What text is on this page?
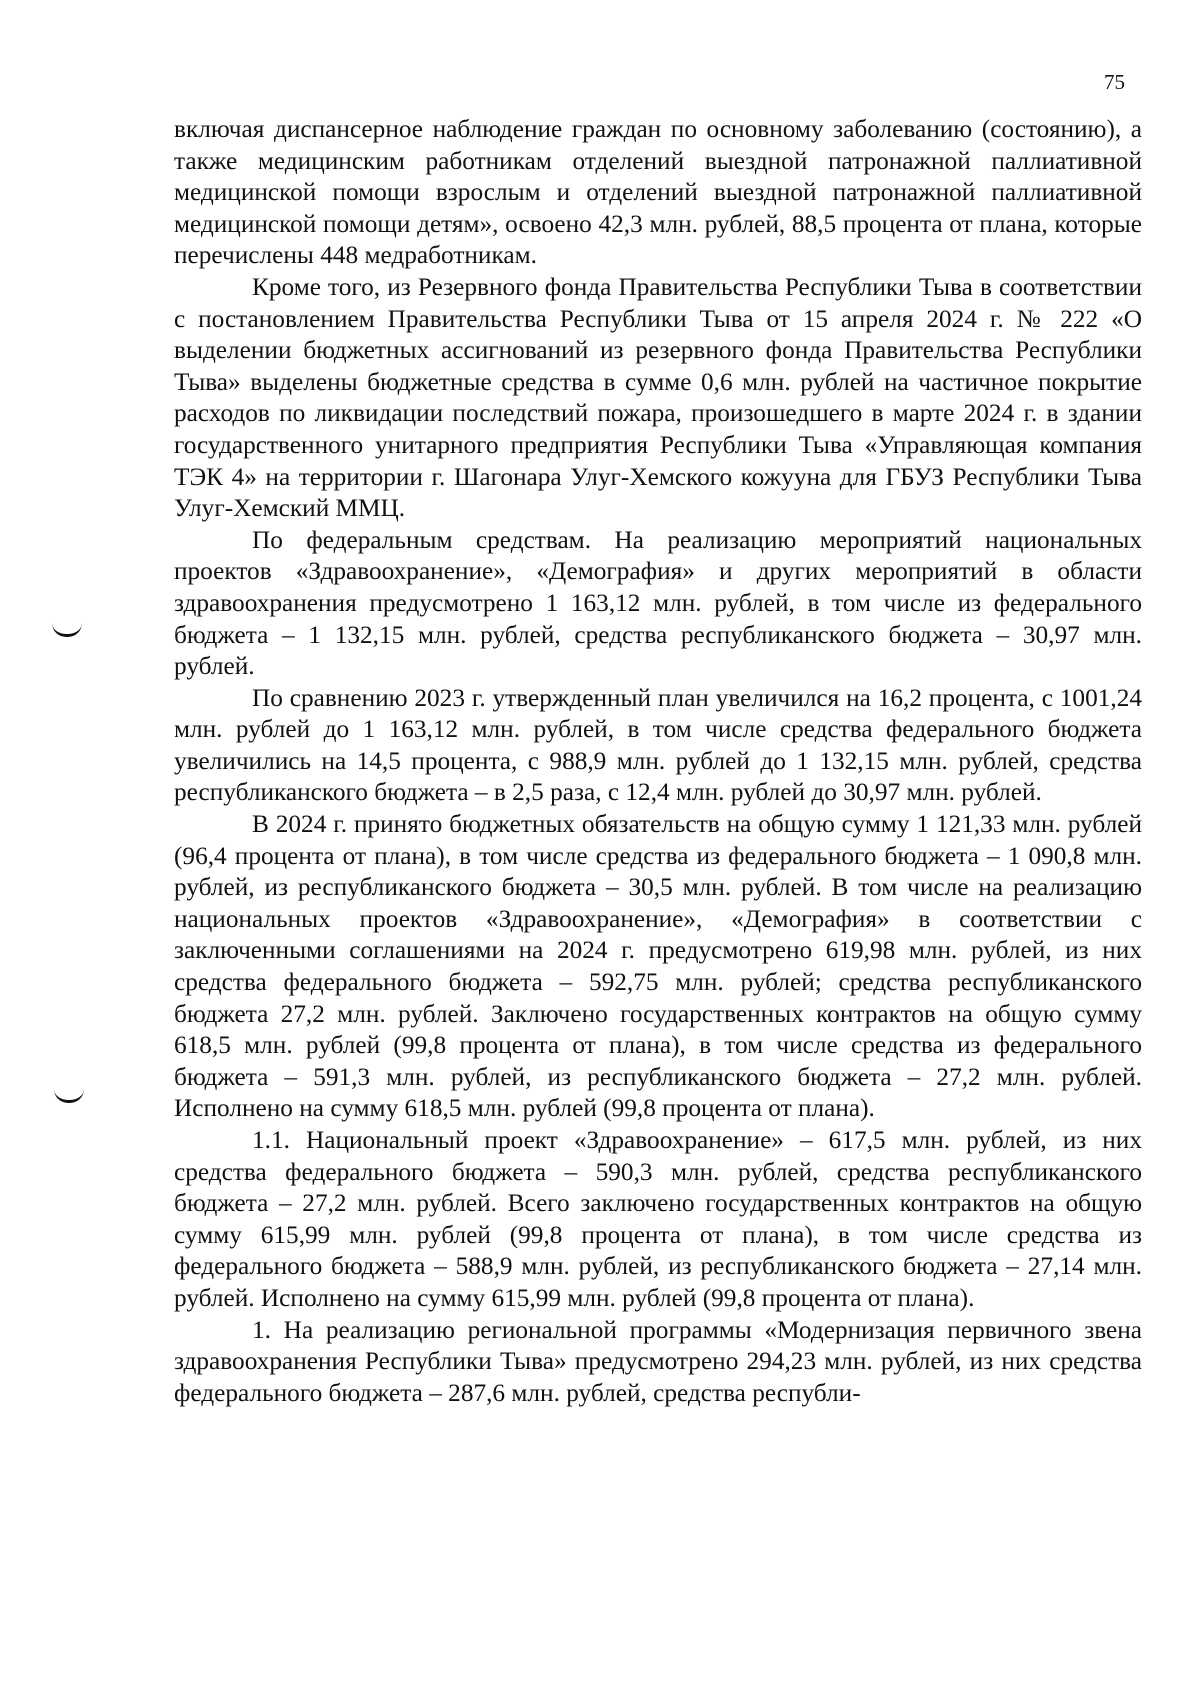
75

включая диспансерное наблюдение граждан по основному заболеванию (состоянию), а также медицинским работникам отделений выездной патронажной паллиативной медицинской помощи взрослым и отделений выездной патронажной паллиативной медицинской помощи детям», освоено 42,3 млн. рублей, 88,5 процента от плана, которые перечислены 448 медработникам.

Кроме того, из Резервного фонда Правительства Республики Тыва в соответствии с постановлением Правительства Республики Тыва от 15 апреля 2024 г. № 222 «О выделении бюджетных ассигнований из резервного фонда Правительства Республики Тыва» выделены бюджетные средства в сумме 0,6 млн. рублей на частичное покрытие расходов по ликвидации последствий пожара, произошедшего в марте 2024 г. в здании государственного унитарного предприятия Республики Тыва «Управляющая компания ТЭК 4» на территории г. Шагонара Улуг-Хемского кожууна для ГБУЗ Республики Тыва Улуг-Хемский ММЦ.

По федеральным средствам. На реализацию мероприятий национальных проектов «Здравоохранение», «Демография» и других мероприятий в области здравоохранения предусмотрено 1 163,12 млн. рублей, в том числе из федерального бюджета – 1 132,15 млн. рублей, средства республиканского бюджета – 30,97 млн. рублей.

По сравнению 2023 г. утвержденный план увеличился на 16,2 процента, с 1001,24 млн. рублей до 1 163,12 млн. рублей, в том числе средства федерального бюджета увеличились на 14,5 процента, с 988,9 млн. рублей до 1 132,15 млн. рублей, средства республиканского бюджета – в 2,5 раза, с 12,4 млн. рублей до 30,97 млн. рублей.

В 2024 г. принято бюджетных обязательств на общую сумму 1 121,33 млн. рублей (96,4 процента от плана), в том числе средства из федерального бюджета – 1 090,8 млн. рублей, из республиканского бюджета – 30,5 млн. рублей. В том числе на реализацию национальных проектов «Здравоохранение», «Демография» в соответствии с заключенными соглашениями на 2024 г. предусмотрено 619,98 млн. рублей, из них средства федерального бюджета – 592,75 млн. рублей; средства республиканского бюджета 27,2 млн. рублей. Заключено государственных контрактов на общую сумму 618,5 млн. рублей (99,8 процента от плана), в том числе средства из федерального бюджета – 591,3 млн. рублей, из республиканского бюджета – 27,2 млн. рублей. Исполнено на сумму 618,5 млн. рублей (99,8 процента от плана).

1.1. Национальный проект «Здравоохранение» – 617,5 млн. рублей, из них средства федерального бюджета – 590,3 млн. рублей, средства республиканского бюджета – 27,2 млн. рублей. Всего заключено государственных контрактов на общую сумму 615,99 млн. рублей (99,8 процента от плана), в том числе средства из федерального бюджета – 588,9 млн. рублей, из республиканского бюджета – 27,14 млн. рублей. Исполнено на сумму 615,99 млн. рублей (99,8 процента от плана).

1. На реализацию региональной программы «Модернизация первичного звена здравоохранения Республики Тыва» предусмотрено 294,23 млн. рублей, из них средства федерального бюджета – 287,6 млн. рублей, средства республи-
